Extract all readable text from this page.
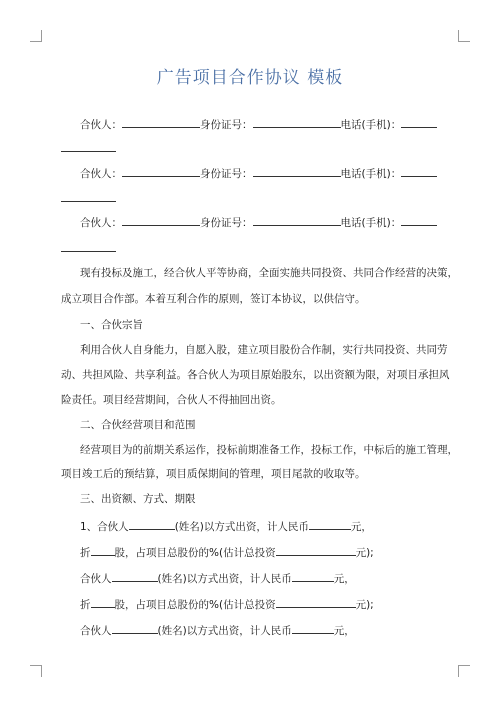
广告项目合作协议 模板
合伙人：	身份证号：	电话(手机)：
合伙人：	身份证号：	电话(手机)：
合伙人：	身份证号：	电话(手机)：
现有投标及施工，经合伙人平等协商，全面实施共同投资、共同合作经营的决策，
成立项目合作部。本着互利合作的原则，签订本协议，以供信守。
一、合伙宗旨
利用合伙人自身能力，自愿入股，建立项目股份合作制，实行共同投资、共同劳
动、共担风险、共享利益。各合伙人为项目原始股东，以出资额为限，对项目承担风
险责任。项目经营期间，合伙人不得抽回出资。
二、合伙经营项目和范围
经营项目为的前期关系运作，投标前期准备工作，投标工作，中标后的施工管理，
项目竣工后的预结算，项目质保期间的管理，项目尾款的收取等。
三、出资额、方式、期限
1、合伙人	(姓名)以方式出资，计人民币	元，
折 股，占项目总股份的%(估计总投资	元);
合伙人	(姓名)以方式出资，计人民币	元，
折 股，占项目总股份的%(估计总投资	元);
合伙人	(姓名)以方式出资，计人民币	元，
